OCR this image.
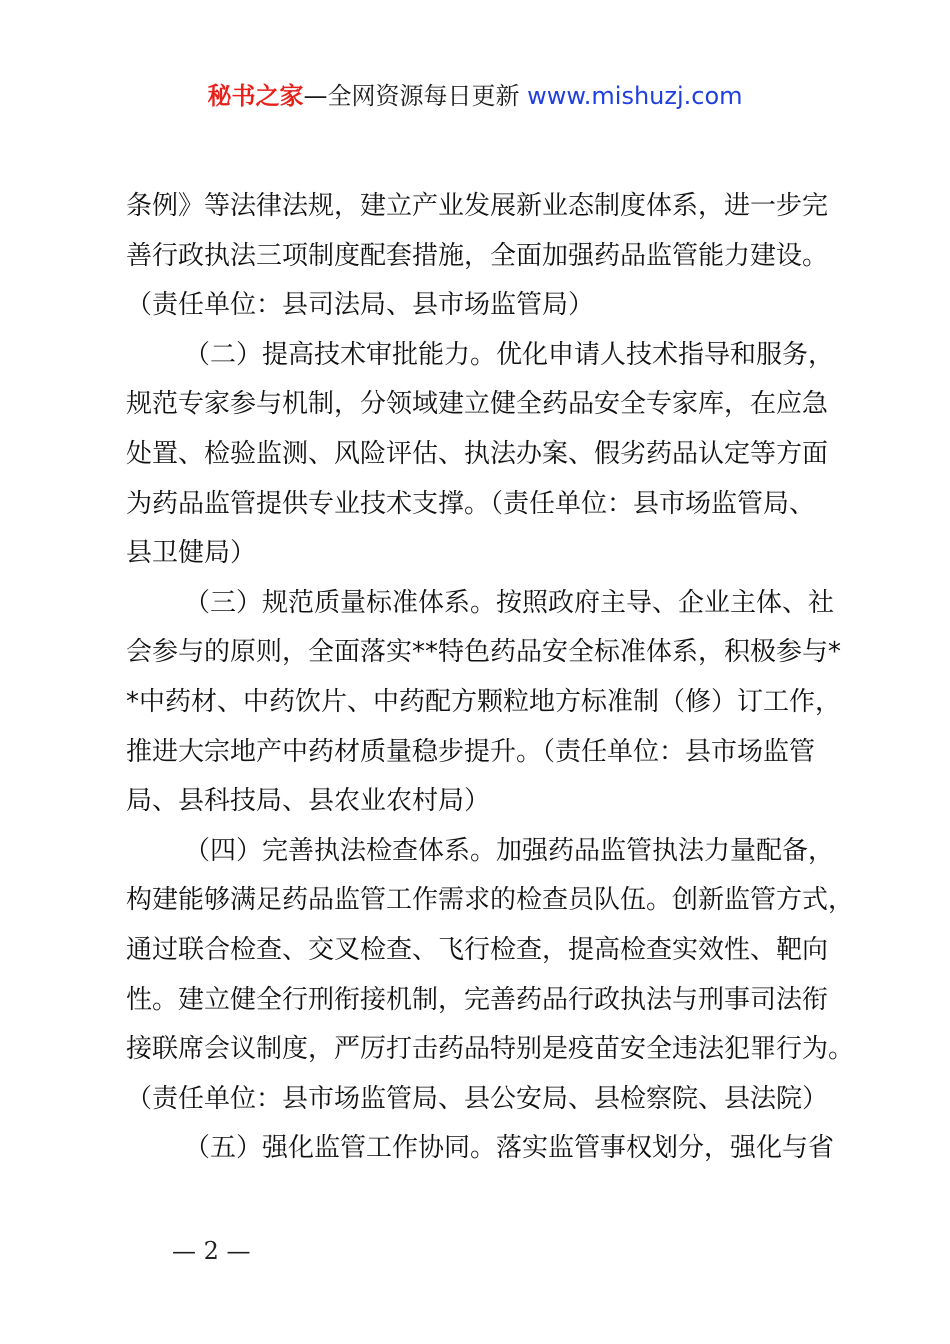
秘书之家—全网资源每日更新 www.mishuzj.com

条例》等法律法规，建立产业发展新业态制度体系，进一步完

善行政执法三项制度配套措施，全面加强药品监管能力建设。

（责任单位：县司法局、县市场监管局）

（二）提高技术审批能力。优化申请人技术指导和服务，

规范专家参与机制，分领域建立健全药品安全专家库，在应急

处置、检验监测、风险评估、执法办案、假劣药品认定等方面

为药品监管提供专业技术支撑。（责任单位：县市场监管局、

县卫健局）

（三）规范质量标准体系。按照政府主导、企业主体、社

会参与的原则，全面落实**特色药品安全标准体系，积极参与*

*中药材、中药饮片、中药配方颗粒地方标准制（修）订工作，

推进大宗地产中药材质量稳步提升。（责任单位：县市场监管

局、县科技局、县农业农村局）

（四）完善执法检查体系。加强药品监管执法力量配备，

构建能够满足药品监管工作需求的检查员队伍。创新监管方式，

通过联合检查、交叉检查、飞行检查，提高检查实效性、靶向

性。建立健全行刑衔接机制，完善药品行政执法与刑事司法衔

接联席会议制度，严厉打击药品特别是疫苗安全违法犯罪行为。

（责任单位：县市场监管局、县公安局、县检察院、县法院）

（五）强化监管工作协同。落实监管事权划分，强化与省

— 2 —
